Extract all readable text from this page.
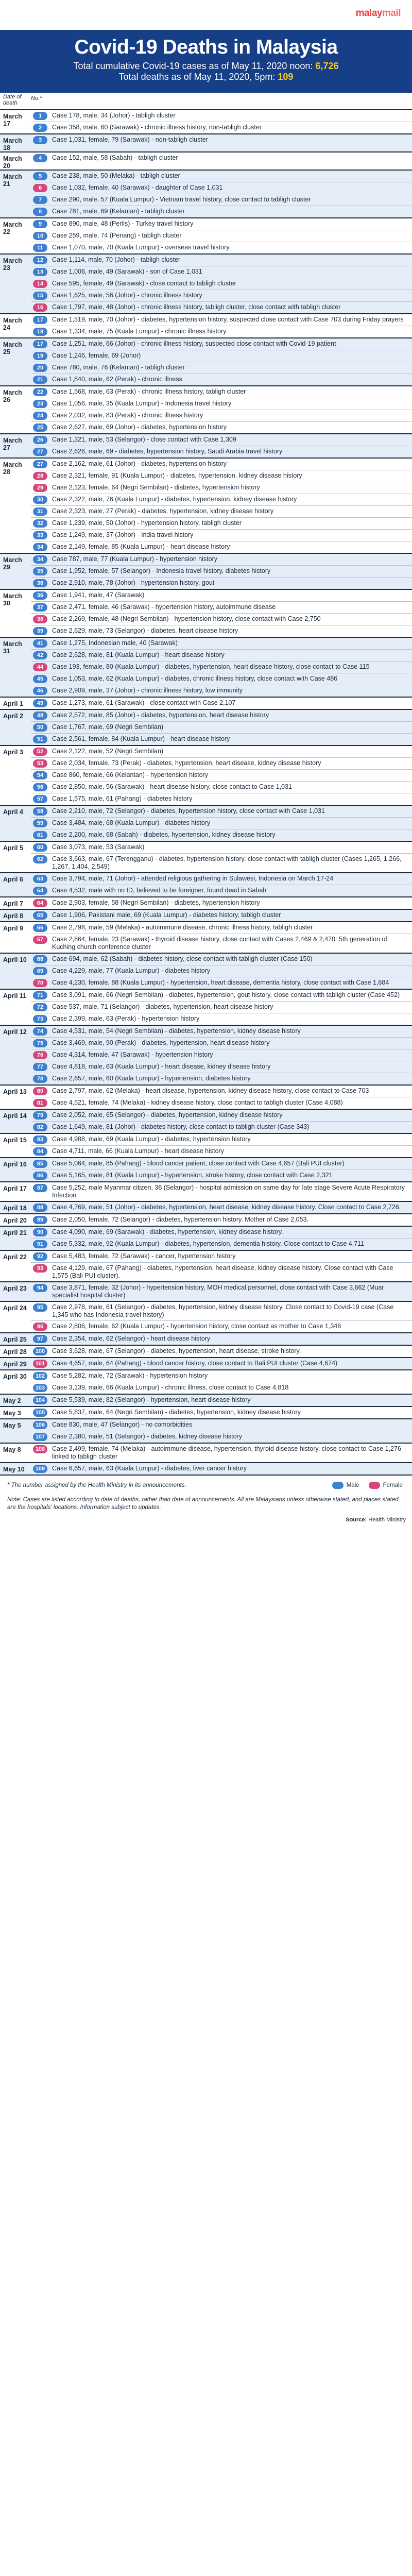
malaymail
Covid-19 Deaths in Malaysia
Total cumulative Covid-19 cases as of May 11, 2020 noon: 6,726
Total deaths as of May 11, 2020, 5pm: 109
Date of death
No.*
March 17
1	Case 178, male, 34 (Johor) - tabligh cluster
2	Case 358, male, 60 (Sarawak) - chronic illness history, non-tabligh cluster
March 18
3	Case 1,031, female, 79 (Sarawak) - non-tabligh cluster
March 20
4	Case 152, male, 58 (Sabah) - tabligh cluster
March 21
5	Case 238, male, 50 (Melaka) - tabligh cluster
6	Case 1,032, female, 40 (Sarawak) - daughter of Case 1,031
7	Case 290, male, 57 (Kuala Lumpur) - Vietnam travel history, close contact to tabligh cluster
8	Case 781, male, 69 (Kelantan) - tabligh cluster
March 22
9	Case 890, male, 48 (Perlis) - Turkey travel history
10	Case 259, male, 74 (Penang) - tabligh cluster
11	Case 1,070, male, 70 (Kuala Lumpur) - overseas travel history
March 23
12	Case 1,114, male, 70 (Johor) - tabligh cluster
13	Case 1,006, male, 49 (Sarawak) - son of Case 1,031
14	Case 595, female, 49 (Sarawak) - close contact to tabligh cluster
15	Case 1,625, male, 56 (Johor) - chronic illness history
16	Case 1,797, male, 48 (Johor) - chronic illness history, tabligh cluster, close contact with tabligh cluster
March 24
17	Case 1,519, male, 70 (Johor) - diabetes, hypertension history, suspected close contact with Case 703 during Friday prayers
18	Case 1,334, male, 75 (Kuala Lumpur) - chronic illness history
March 25
17	Case 1,251, male, 66 (Johor) - chronic illness history, suspected close contact with Covid-19 patient
19	Case 1,246, female, 69 (Johor)
20	Case 780, male, 76 (Kelantan) - tabligh cluster
21	Case 1,840, male, 62 (Perak) - chronic illness
March 26
22	Case 1,568, male, 63 (Perak) - chronic illness history, tabligh cluster
23	Case 1,056, male, 35 (Kuala Lumpur) - Indonesia travel history
24	Case 2,032, male, 83 (Perak) - chronic illness history
25	Case 2,627, male, 69 (Johor) - diabetes, hypertension history
March 27
26	Case 1,321, male, 53 (Selangor) - close contact with Case 1,309
27	Case 2,626, male, 69 - diabetes, hypertension history, Saudi Arabia travel history
March 28
27	Case 2,162, male, 61 (Johor) - diabetes, hypertension history
28	Case 2,321, female, 91 (Kuala Lumpur) - diabetes, hypertension, kidney disease history
29	Case 2,123, female, 64 (Negri Sembilan) - diabetes, hypertension history
30	Case 2,322, male, 76 (Kuala Lumpur) - diabetes, hypertension, kidney disease history
31	Case 2,323, male, 27 (Perak) - diabetes, hypertension, kidney disease history
32	Case 1,239, male, 50 (Johor) - hypertension history, tabligh cluster
33	Case 1,249, male, 37 (Johor) - India travel history
34	Case 2,149, female, 85 (Kuala Lumpur) - heart disease history
March 29
34	Case 787, male, 77 (Kuala Lumpur) - hypertension history
35	Case 1,952, female, 57 (Selangor) - Indonesia travel history, diabetes history
36	Case 2,910, male, 78 (Johor) - hypertension history, gout
March 30
36	Case 1,941, male, 47 (Sarawak)
37	Case 2,471, female, 46 (Sarawak) - hypertension history, autoimmune disease
38	Case 2,269, female, 48 (Negri Sembilan) - hypertension history, close contact with Case 2,750
39	Case 2,629, male, 73 (Selangor) - diabetes, heart disease history
March 31
41	Case 1,275, Indonesian male, 40 (Sarawak)
42	Case 2,628, male, 81 (Kuala Lumpur) - heart disease history
44	Case 193, female, 80 (Kuala Lumpur) - diabetes, hypertension, heart disease history, close contact to Case 115
45	Case 1,053, male, 62 (Kuala Lumpur) - diabetes, chronic illness history, close contact with Case 486
46	Case 2,909, male, 37 (Johor) - chronic illness history, low immunity
April 1	49	Case 1,273, male, 61 (Sarawak) - close contact with Case 2,107
April 2	48	Case 2,572, male, 85 (Johor) - diabetes, hypertension, heart disease history
50	Case 1,767, male, 69 (Negri Sembilan)
51	Case 2,561, female, 84 (Kuala Lumpur) - heart disease history
April 3	52	Case 2,122, male, 52 (Negri Sembilan)
53	Case 2,034, female, 73 (Perak) - diabetes, hypertension, heart disease, kidney disease history
54	Case 860, female, 66 (Kelantan) - hypertension history
56	Case 2,850, male, 56 (Sarawak) - heart disease history, close contact to Case 1,031
57	Case 1,575, male, 61 (Pahang) - diabetes history
April 4	58	Case 2,210, male, 72 (Selangor) - diabetes, hypertension history, close contact with Case 1,031
59	Case 3,484, male, 68 (Kuala Lumpur) - diabetes history
61	Case 2,200, male, 68 (Sabah) - diabetes, hypertension, kidney disease history
April 5	60	Case 3,073, male, 53 (Sarawak)
62	Case 3,663, male, 67 (Terengganu) - diabetes, hypertension history, close contact with tabligh cluster (Cases 1,265, 1,266, 1,267, 1,404, 2,549)
April 6	63	Case 3,794, male, 71 (Johor) - attended religious gathering in Sulawesi, Indonesia on March 17-24
64	Case 4,532, male with no ID, believed to be foreigner, found dead in Sabah
April 7	64	Case 2,903, female, 58 (Negri Sembilan) - diabetes, hypertension history
April 8	65	Case 1,906, Pakistani male, 69 (Kuala Lumpur) - diabetes history, tabligh cluster
April 9	66	Case 2,798, male, 59 (Melaka) - autoimmune disease, chronic illness history, tabligh cluster
67	Case 2,864, female, 23 (Sarawak) - thyroid disease history, close contact with Cases 2,469 & 2,470: 5th generation of Kuching church conference cluster
April 10	68	Case 694, male, 62 (Sabah) - diabetes history, close contact with tabligh cluster (Case 150)
69	Case 4,229, male, 77 (Kuala Lumpur) - diabetes history
70	Case 4,230, female, 88 (Kuala Lumpur) - hypertension, heart disease, dementia history, close contact with Case 1,684
April 11	71	Case 3,091, male, 66 (Negri Sembilan) - diabetes, hypertension, gout history, close contact with tabligh cluster (Case 452)
72	Case 537, male, 71 (Selangor) - diabetes, hypertension, heart disease history
73	Case 2,399, male, 63 (Perak) - hypertension history
April 12	74	Case 4,531, male, 54 (Negri Sembilan) - diabetes, hypertension, kidney disease history
75	Case 3,469, male, 90 (Perak) - diabetes, hypertension, heart disease history
76	Case 4,314, female, 47 (Sarawak) - hypertension history
77	Case 4,818, male, 63 (Kuala Lumpur) - heart disease, kidney disease history
78	Case 2,657, male, 60 (Kuala Lumpur) - hypertension, diabetes history
April 13	80	Case 2,797, male, 62 (Melaka) - heart disease, hypertension, kidney disease history, close contact to Case 703
81	Case 4,521, female, 74 (Melaka) - kidney disease history, close contact to tabligh cluster (Case 4,088)
April 14	79	Case 2,052, male, 65 (Selangor) - diabetes, hypertension, kidney disease history
82	Case 1,649, male, 81 (Johor) - diabetes history, close contact to tabligh cluster (Case 343)
April 15	83	Case 4,988, male, 69 (Kuala Lumpur) - diabetes, hypertension history
84	Case 4,711, male, 66 (Kuala Lumpur) - heart disease history
April 16	85	Case 5,064, male, 85 (Pahang) - blood cancer patient, close contact with Case 4,657 (Bali PUI cluster)
86	Case 5,165, male, 81 (Kuala Lumpur) - hypertension, stroke history, close contact with Case 2,321
April 17	87	Case 5,252, male Myanmar citizen, 36 (Selangor) - hospital admission on same day for late stage Severe Acute Respiratory Infection
April 18	88	Case 4,769, male, 51 (Johor) - diabetes, hypertension, heart disease, kidney disease history. Close contact to Case 2,726.
April 20	89	Case 2,050, female, 72 (Selangor) - diabetes, hypertension history. Mother of Case 2,053.
April 21	90	Case 4,090, male, 69 (Sarawak) - diabetes, hypertension, kidney disease history.
91	Case 5,332, male, 92 (Kuala Lumpur) - diabetes, hypertension, dementia history. Close contact to Case 4,711
April 22	92	Case 5,483, female, 72 (Sarawak) - cancer, hypertension history
93	Case 4,129, male, 67 (Pahang) - diabetes, hypertension, heart disease, kidney disease history. Close contact with Case 1,575 (Bali PUI cluster).
April 23	94	Case 3,871, female, 32 (Johor) - hypertension history, MOH medical personnel, close contact with Case 3,662 (Muar specialist hospital cluster)
April 24	95	Case 2,978, male, 61 (Selangor) - diabetes, hypertension, kidney disease history. Close contact to Covid-19 case (Case 1,345 who has Indonesia travel history)
96	Case 2,806, female, 62 (Kuala Lumpur) - hypertension history, close contact as mother to Case 1,346
April 25	97	Case 2,354, male, 62 (Selangor) - heart disease history
April 28	100	Case 3,628, male, 67 (Selangor) - diabetes, hypertension, heart disease, stroke history.
April 29	101	Case 4,657, male, 64 (Pahang) - blood cancer history, close contact to Bali PUI cluster (Case 4,674)
April 30	102	Case 5,282, male, 72 (Sarawak) - hypertension history
103	Case 3,139, male, 66 (Kuala Lumpur) - chronic illness, close contact to Case 4,818
May 2	104	Case 5,539, male, 82 (Selangor) - hypertension, heart disease history
May 3	105	Case 5,837, male, 64 (Negri Sembilan) - diabetes, hypertension, kidney disease history
May 5	106	Case 830, male, 47 (Selangor) - no comorbidities
107	Case 2,380, male, 51 (Selangor) - diabetes, kidney disease history
May 8	108	Case 2,499, female, 74 (Melaka) - autoimmune disease, hypertension, thyroid disease history, close contact to Case 1,276 linked to tabligh cluster
May 10	109	Case 6,657, male, 63 (Kuala Lumpur) - diabetes, liver cancer history
* The number assigned by the Health Ministry in its announcements.	Male	Female
Note: Cases are listed according to date of deaths, rather than date of announcements. All are Malaysians unless otherwise stated, and places stated are the hospitals' locations. Information subject to updates.
Source: Health Ministry
